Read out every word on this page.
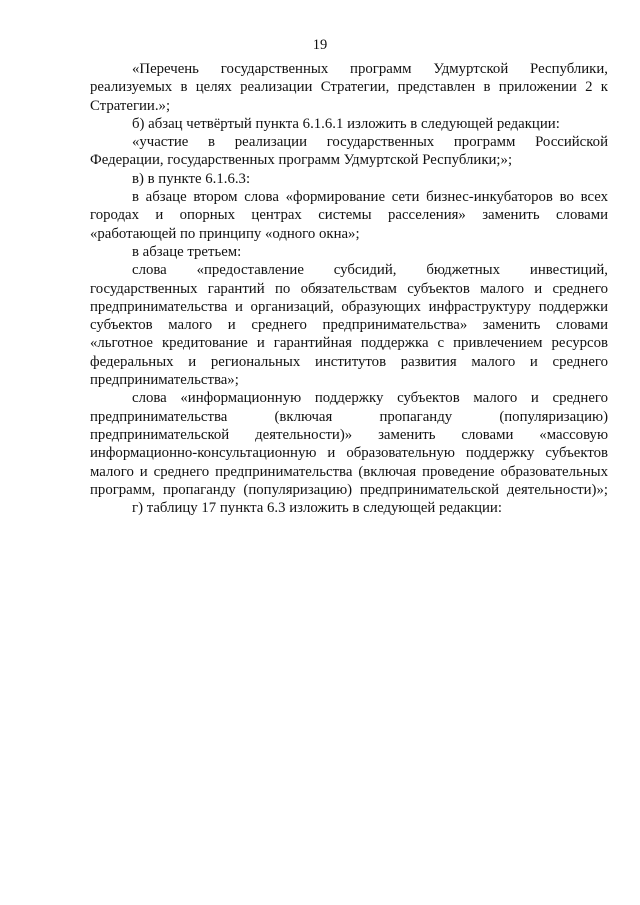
19
«Перечень государственных программ Удмуртской Республики,
реализуемых в целях реализации Стратегии, представлен в приложении 2 к
Стратегии.»;
б) абзац четвёртый пункта 6.1.6.1 изложить в следующей редакции:
«участие в реализации государственных программ Российской
Федерации, государственных программ Удмуртской Республики;»;
в) в пункте 6.1.6.3:
в абзаце втором слова «формирование сети бизнес-инкубаторов во всех
городах и опорных центрах системы расселения» заменить словами
«работающей по принципу «одного окна»;
в абзаце третьем:
слова «предоставление субсидий, бюджетных инвестиций,
государственных гарантий по обязательствам субъектов малого и среднего
предпринимательства и организаций, образующих инфраструктуру поддержки
субъектов малого и среднего предпринимательства» заменить словами
«льготное кредитование и гарантийная поддержка с привлечением ресурсов
федеральных и региональных институтов развития малого и среднего
предпринимательства»;
слова «информационную поддержку субъектов малого и среднего
предпринимательства (включая пропаганду (популяризацию)
предпринимательской деятельности)» заменить словами «массовую
информационно-консультационную и образовательную поддержку субъектов
малого и среднего предпринимательства (включая проведение образовательных
программ, пропаганду (популяризацию) предпринимательской деятельности)»;
г) таблицу 17 пункта 6.3 изложить в следующей редакции:
